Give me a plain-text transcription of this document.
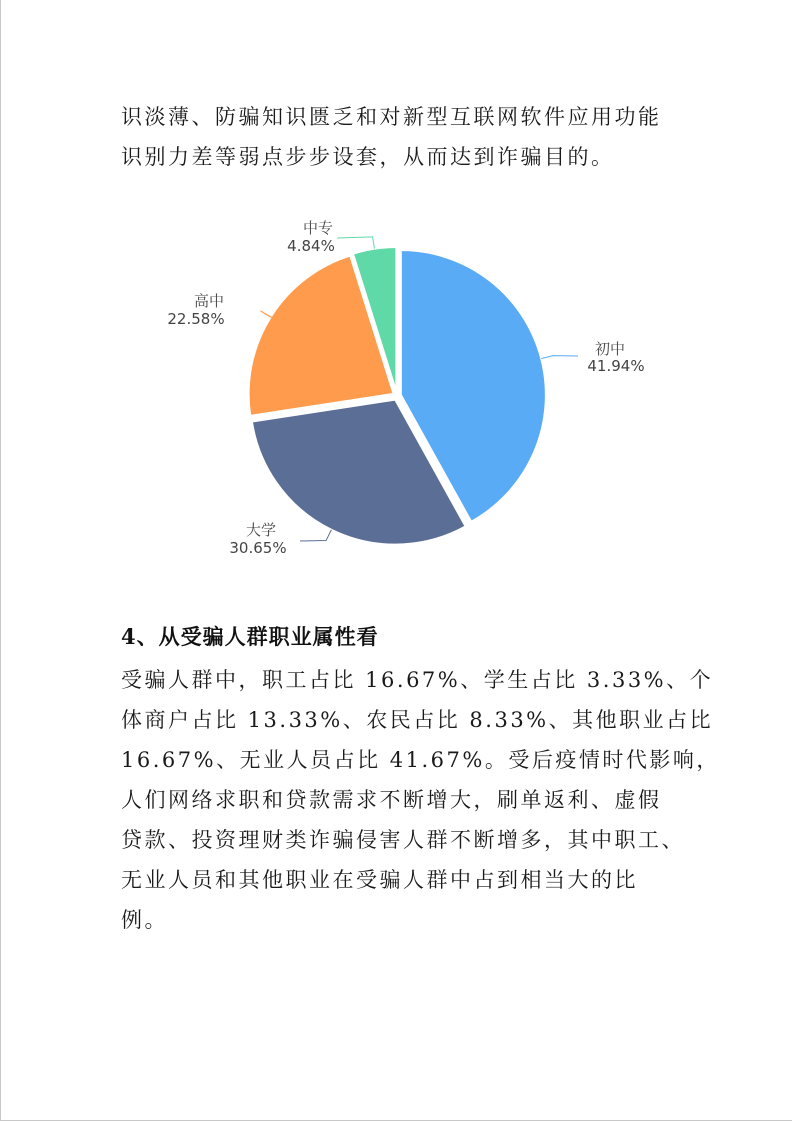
识淡薄、防骗知识匮乏和对新型互联网软件应用功能
识别力差等弱点步步设套，从而达到诈骗目的。
初中
41.94%
大学
30.65%
高中
22.58%
中专
4.84%
4、从受骗人群职业属性看
受骗人群中，职工占比 16.67%、学生占比 3.33%、个
体商户占比 13.33%、农民占比 8.33%、其他职业占比
16.67%、无业人员占比 41.67%。受后疫情时代影响，
人们网络求职和贷款需求不断增大，刷单返利、虚假
贷款、投资理财类诈骗侵害人群不断增多，其中职工、
无业人员和其他职业在受骗人群中占到相当大的比
例。
